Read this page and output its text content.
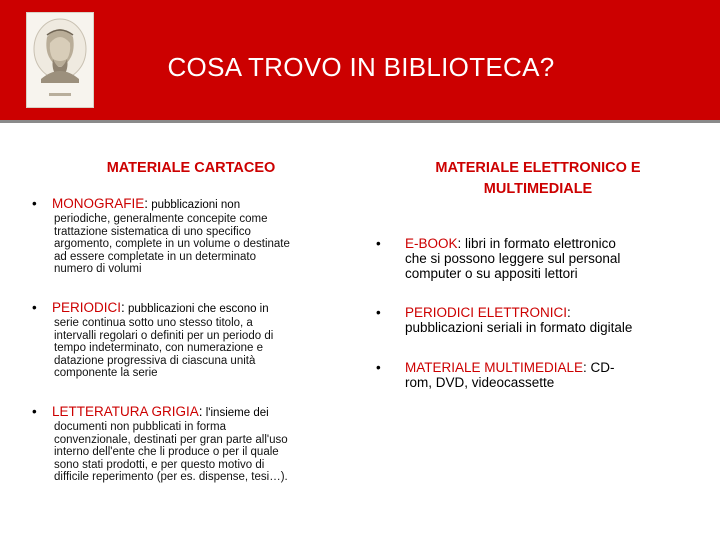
COSA TROVO IN BIBLIOTECA?
MATERIALE CARTACEO	MATERIALE ELETTRONICO E
MULTIMEDIALE
• MONOGRAFIE: pubblicazioni non
periodiche, generalmente concepite come
trattazione sistematica di uno specifico
argomento, complete in un volume o destinate
ad essere completate in un determinato
numero di volumi
• PERIODICI: pubblicazioni che escono in
serie continua sotto uno stesso titolo, a
intervalli regolari o definiti per un periodo di
tempo indeterminato, con numerazione e
datazione progressiva di ciascuna unità
componente la serie
• LETTERATURA GRIGIA: l'insieme dei
documenti non pubblicati in forma
convenzionale, destinati per gran parte all'uso
interno dell'ente che li produce o per il quale
sono stati prodotti, e per questo motivo di
difficile reperimento (per es. dispense, tesi…).
•	E-BOOK: libri in formato elettronico
che si possono leggere sul personal
computer o su appositi lettori
•	PERIODICI ELETTRONICI:
pubblicazioni seriali in formato digitale
•	MATERIALE MULTIMEDIALE: CD-
rom, DVD, videocassette
